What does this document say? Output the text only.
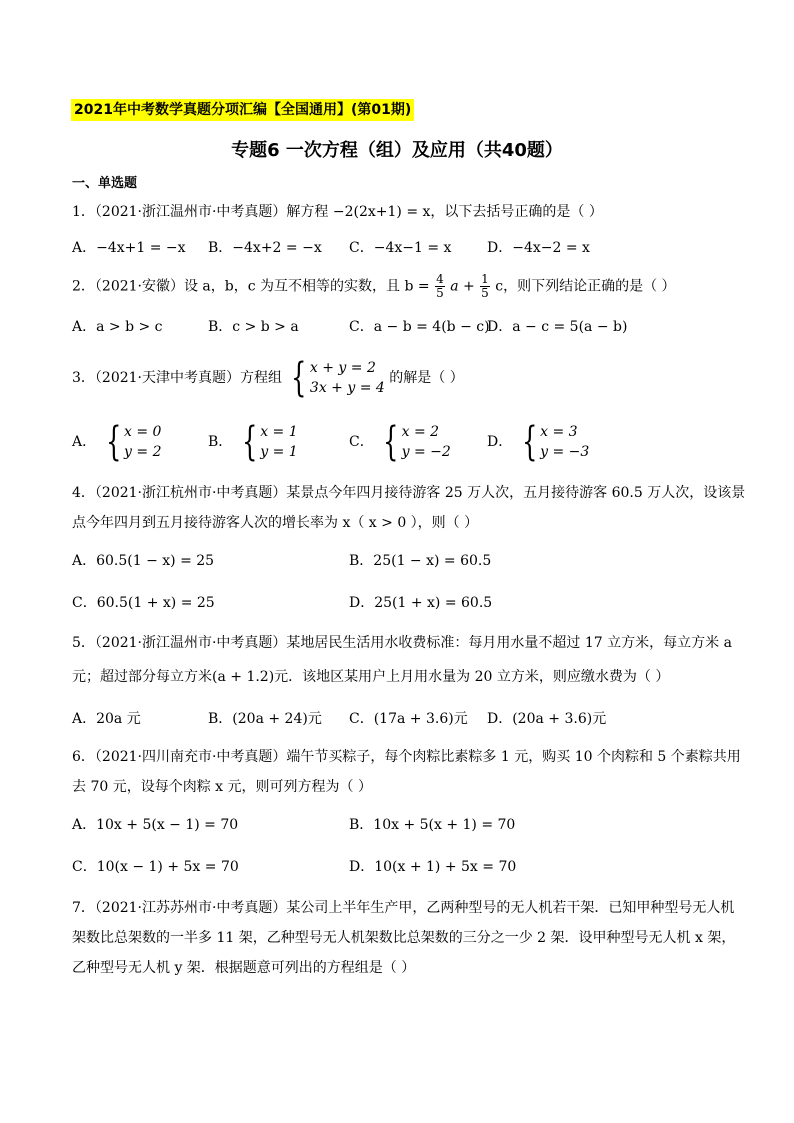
2021年中考数学真题分项汇编【全国通用】(第01期)
专题6 一次方程（组）及应用（共40题）
一、单选题
1．（2021·浙江温州市·中考真题）解方程 −2(2x+1) = x，以下去括号正确的是（ ）
A．−4x+1 = −x B．−4x+2 = −x C．−4x−1 = x	D．−4x−2 = x
2．（2021·安徽）设 a，b，c 为互不相等的实数，且 $b = \frac{4}{5}$ $a + \frac{1}{5}$ c，则下列结论正确的是（ ）
A．a > b > c	B．c > b > a	C．a − b = 4(b − c)
D．a − c = 5(a − b)
3．（2021·天津中考真题）方程组 { x + y = 2
3x + y = 4
的解是（ ）
A． { x = 0
y = 2
B． { x = 1
y = 1
C． { x = 2
y = −2
D． { x = 3
y = −3
4．（2021·浙江杭州市·中考真题）某景点今年四月接待游客 25 万人次，五月接待游客 60.5 万人次，设该景
点今年四月到五月接待游客人次的增长率为 x（ x > 0 ），则（ ）
A．60.5(1 − x) = 25	B．25(1 − x) = 60.5
C．60.5(1 + x) = 25	D．25(1 + x) = 60.5
5．（2021·浙江温州市·中考真题）某地居民生活用水收费标准：每月用水量不超过 17 立方米，每立方米 a
元；超过部分每立方米(a + 1.2)元．该地区某用户上月用水量为 20 立方米，则应缴水费为（ ）
A．20a 元	B．(20a + 24)元 C．(17a + 3.6)元 D．(20a + 3.6)元
6．（2021·四川南充市·中考真题）端午节买粽子，每个肉粽比素粽多 1 元，购买 10 个肉粽和 5 个素粽共用
去 70 元，设每个肉粽 x 元，则可列方程为（ ）
A．10x + 5(x − 1) = 70	B．10x + 5(x + 1) = 70
C．10(x − 1) + 5x = 70	D．10(x + 1) + 5x = 70
7．（2021·江苏苏州市·中考真题）某公司上半年生产甲，乙两种型号的无人机若干架．已知甲种型号无人机
架数比总架数的一半多 11 架，乙种型号无人机架数比总架数的三分之一少 2 架．设甲种型号无人机 x 架，
乙种型号无人机 y 架．根据题意可列出的方程组是（ ）
